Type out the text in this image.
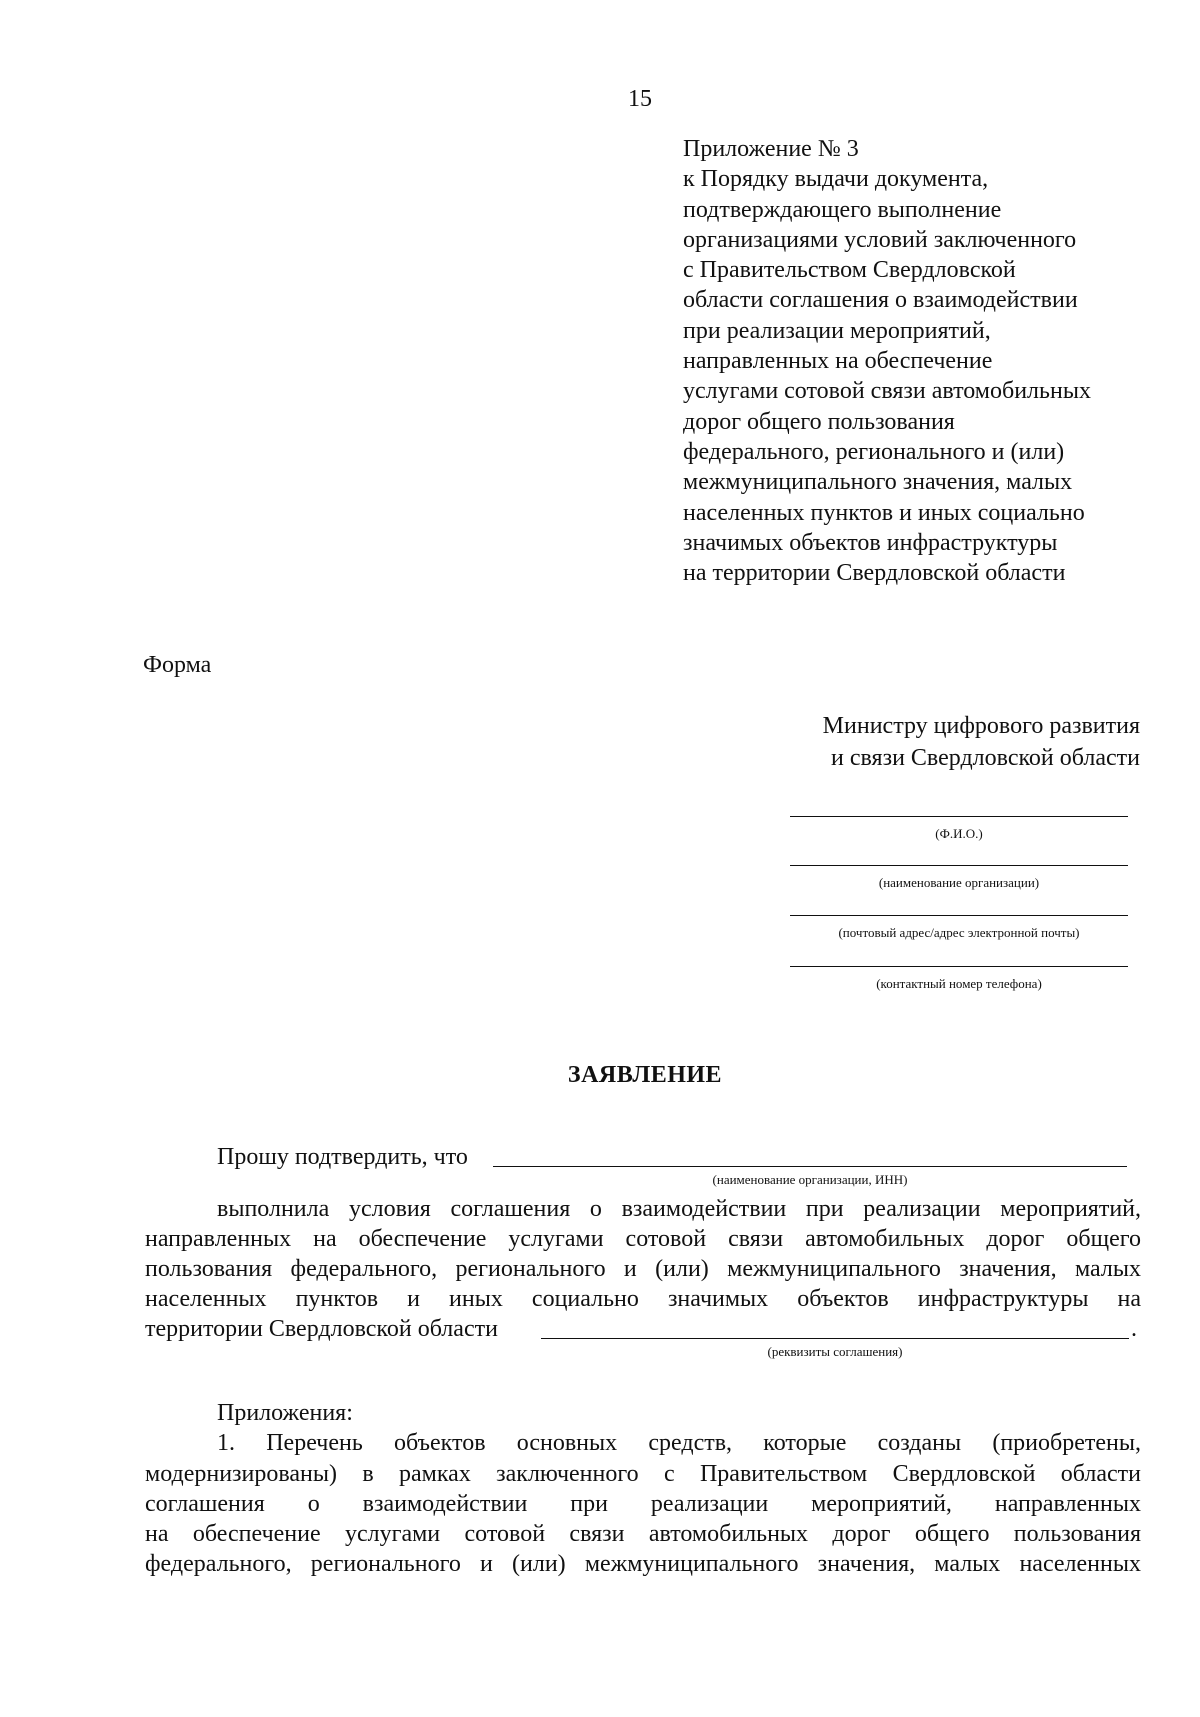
15
Приложение № 3
к Порядку выдачи документа,
подтверждающего выполнение
организациями условий заключенного
с Правительством Свердловской
области соглашения о взаимодействии
при реализации мероприятий,
направленных на обеспечение
услугами сотовой связи автомобильных
дорог общего пользования
федерального, регионального и (или)
межмуниципального значения, малых
населенных пунктов и иных социально
значимых объектов инфраструктуры
на территории Свердловской области
Форма
Министру цифрового развития
и связи Свердловской области
(Ф.И.О.)
(наименование организации)
(почтовый адрес/адрес электронной почты)
(контактный номер телефона)
ЗАЯВЛЕНИЕ
Прошу подтвердить, что
(наименование организации, ИНН)
выполнила условия соглашения о взаимодействии при реализации мероприятий,
направленных на обеспечение услугами сотовой связи автомобильных дорог общего
пользования федерального, регионального и (или) межмуниципального значения, малых
населенных пунктов и иных социально значимых объектов инфраструктуры на
территории Свердловской области	.
(реквизиты соглашения)
Приложения:
1. Перечень объектов основных средств, которые созданы (приобретены,
модернизированы) в рамках заключенного с Правительством Свердловской области
соглашения о взаимодействии при реализации мероприятий, направленных
на обеспечение услугами сотовой связи автомобильных дорог общего пользования
федерального, регионального и (или) межмуниципального значения, малых населенных
